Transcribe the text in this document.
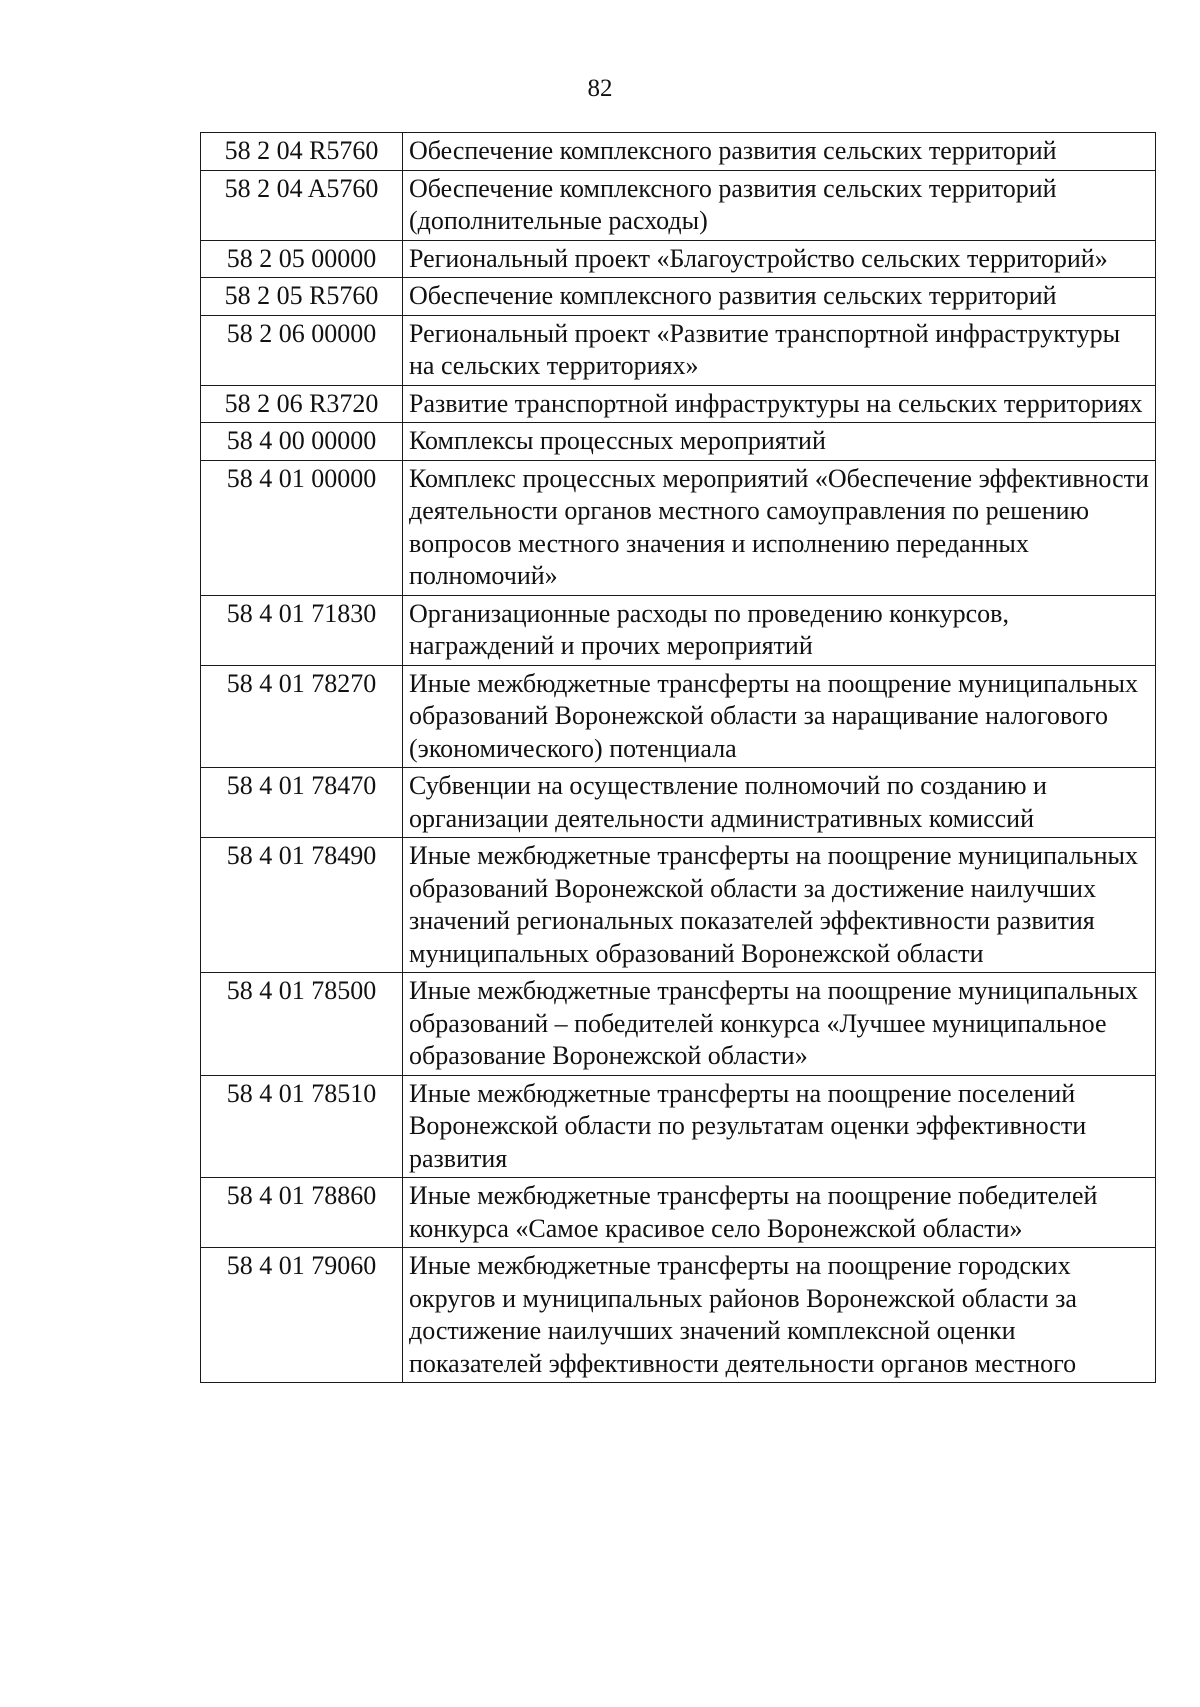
82
58 2 04 R5760	Обеспечение комплексного развития сельских территорий
58 2 04 A5760	Обеспечение комплексного развития сельских территорий (дополнительные расходы)
58 2 05 00000	Региональный проект «Благоустройство сельских территорий»
58 2 05 R5760	Обеспечение комплексного развития сельских территорий
58 2 06 00000	Региональный проект «Развитие транспортной инфраструктуры на сельских территориях»
58 2 06 R3720	Развитие транспортной инфраструктуры на сельских территориях
58 4 00 00000	Комплексы процессных мероприятий
58 4 01 00000	Комплекс процессных мероприятий «Обеспечение эффективности деятельности органов местного самоуправления по решению вопросов местного значения и исполнению переданных полномочий»
58 4 01 71830	Организационные расходы по проведению конкурсов, награждений и прочих мероприятий
58 4 01 78270	Иные межбюджетные трансферты на поощрение муниципальных образований Воронежской области за наращивание налогового (экономического) потенциала
58 4 01 78470	Субвенции на осуществление полномочий по созданию и организации деятельности административных комиссий
58 4 01 78490	Иные межбюджетные трансферты на поощрение муниципальных образований Воронежской области за достижение наилучших значений региональных показателей эффективности развития муниципальных образований Воронежской области
58 4 01 78500	Иные межбюджетные трансферты на поощрение муниципальных образований – победителей конкурса «Лучшее муниципальное образование Воронежской области»
58 4 01 78510	Иные межбюджетные трансферты на поощрение поселений Воронежской области по результатам оценки эффективности развития
58 4 01 78860	Иные межбюджетные трансферты на поощрение победителей конкурса «Самое красивое село Воронежской области»
58 4 01 79060	Иные межбюджетные трансферты на поощрение городских округов и муниципальных районов Воронежской области за достижение наилучших значений комплексной оценки показателей эффективности деятельности органов местного
